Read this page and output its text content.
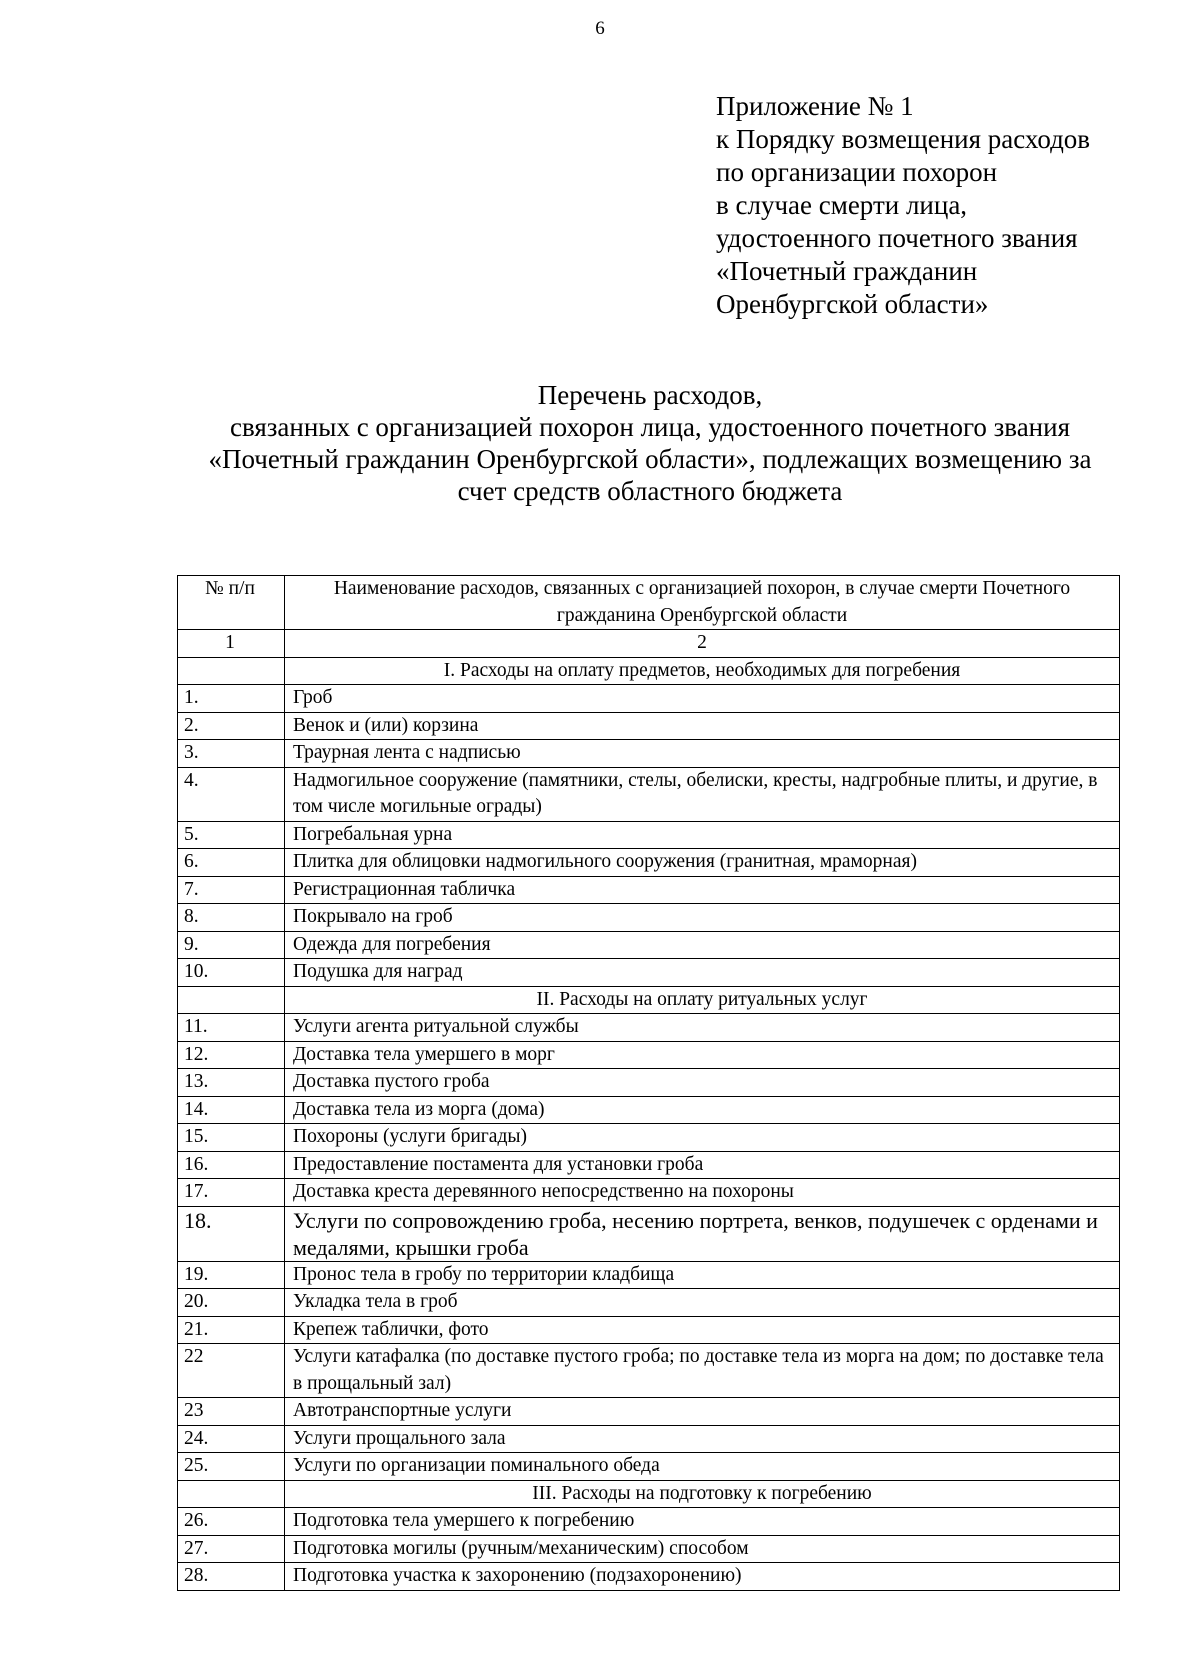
6
Приложение № 1
к Порядку возмещения расходов
по организации похорон
в случае смерти лица,
удостоенного почетного звания
«Почетный гражданин
Оренбургской области»
Перечень расходов,
связанных с организацией похорон лица, удостоенного почетного звания
«Почетный гражданин Оренбургской области», подлежащих возмещению за
счет средств областного бюджета
№ п/п	Наименование расходов, связанных с организацией похорон, в случае смерти Почетного гражданина Оренбургской области
1	2
	I. Расходы на оплату предметов, необходимых для погребения
1.	Гроб
2.	Венок и (или) корзина
3.	Траурная лента с надписью
4.	Надмогильное сооружение (памятники, стелы, обелиски, кресты, надгробные плиты, и другие, в том числе могильные ограды)
5.	Погребальная урна
6.	Плитка для облицовки надмогильного сооружения (гранитная, мраморная)
7.	Регистрационная табличка
8.	Покрывало на гроб
9.	Одежда для погребения
10.	Подушка для наград
	II. Расходы на оплату ритуальных услуг
11.	Услуги агента ритуальной службы
12.	Доставка тела умершего в морг
13.	Доставка пустого гроба
14.	Доставка тела из морга (дома)
15.	Похороны (услуги бригады)
16.	Предоставление постамента для установки гроба
17.	Доставка креста деревянного непосредственно на похороны
18.	Услуги по сопровождению гроба, несению портрета, венков, подушечек с орденами и медалями, крышки гроба
19.	Пронос тела в гробу по территории кладбища
20.	Укладка тела в гроб
21.	Крепеж таблички, фото
22	Услуги катафалка (по доставке пустого гроба; по доставке тела из морга на дом; по доставке тела в прощальный зал)
23	Автотранспортные услуги
24.	Услуги прощального зала
25.	Услуги по организации поминального обеда
	III. Расходы на подготовку к погребению
26.	Подготовка тела умершего к погребению
27.	Подготовка могилы (ручным/механическим) способом
28.	Подготовка участка к захоронению (подзахоронению)
